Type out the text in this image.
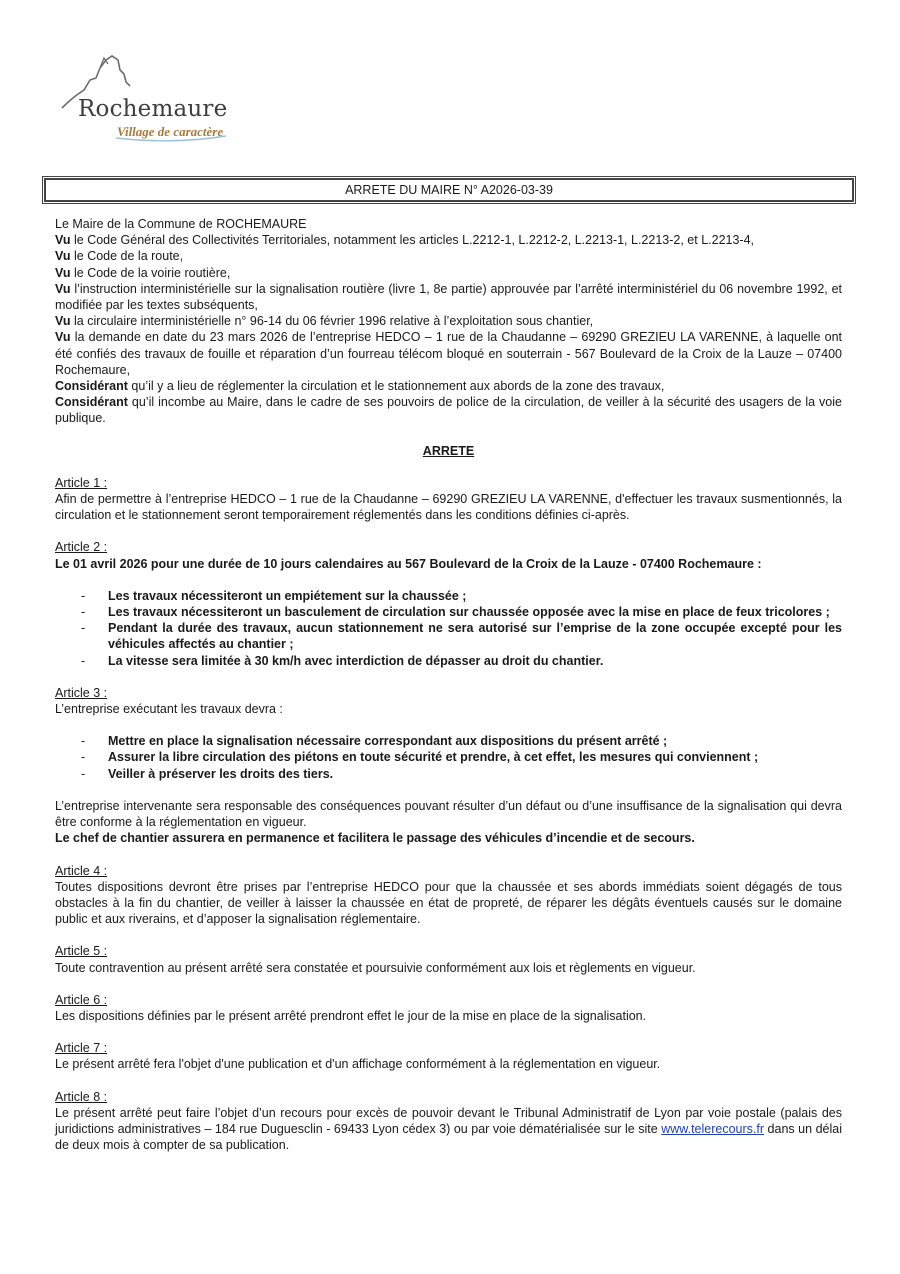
Rochemaure
Village de caractère
ARRETE DU MAIRE N° A2026-03-39

Le Maire de la Commune de ROCHEMAURE

Vu le Code Général des Collectivités Territoriales, notamment les articles L.2212-1, L.2212-2, L.2213-1, L.2213-2, et L.2213-4,

Vu le Code de la route,

Vu le Code de la voirie routière,

Vu l’instruction interministérielle sur la signalisation routière (livre 1, 8e partie) approuvée par l’arrêté interministériel du 06 novembre 1992, et modifiée par les textes subséquents,

Vu la circulaire interministérielle n° 96-14 du 06 février 1996 relative à l’exploitation sous chantier,

Vu la demande en date du 23 mars 2026 de l’entreprise HEDCO – 1 rue de la Chaudanne – 69290 GREZIEU LA VARENNE, à laquelle ont été confiés des travaux de fouille et réparation d’un fourreau télécom bloqué en souterrain - 567 Boulevard de la Croix de la Lauze – 07400 Rochemaure,

Considérant qu’il y a lieu de réglementer la circulation et le stationnement aux abords de la zone des travaux,

Considérant qu’il incombe au Maire, dans le cadre de ses pouvoirs de police de la circulation, de veiller à la sécurité des usagers de la voie publique.

ARRETE

Article 1 :

Afin de permettre à l’entreprise HEDCO – 1 rue de la Chaudanne – 69290 GREZIEU LA VARENNE, d'effectuer les travaux susmentionnés, la circulation et le stationnement seront temporairement réglementés dans les conditions définies ci-après.

Article 2 :

Le 01 avril 2026 pour une durée de 10 jours calendaires au 567 Boulevard de la Croix de la Lauze - 07400 Rochemaure :

- Les travaux nécessiteront un empiétement sur la chaussée ;
- Les travaux nécessiteront un basculement de circulation sur chaussée opposée avec la mise en place de feux tricolores ;
- Pendant la durée des travaux, aucun stationnement ne sera autorisé sur l’emprise de la zone occupée excepté pour les véhicules affectés au chantier ;
- La vitesse sera limitée à 30 km/h avec interdiction de dépasser au droit du chantier.

Article 3 :

L’entreprise exécutant les travaux devra :

- Mettre en place la signalisation nécessaire correspondant aux dispositions du présent arrêté ;
- Assurer la libre circulation des piétons en toute sécurité et prendre, à cet effet, les mesures qui conviennent ;
- Veiller à préserver les droits des tiers.

L’entreprise intervenante sera responsable des conséquences pouvant résulter d’un défaut ou d’une insuffisance de la signalisation qui devra être conforme à la réglementation en vigueur.

Le chef de chantier assurera en permanence et facilitera le passage des véhicules d’incendie et de secours.

Article 4 :

Toutes dispositions devront être prises par l’entreprise HEDCO pour que la chaussée et ses abords immédiats soient dégagés de tous obstacles à la fin du chantier, de veiller à laisser la chaussée en état de propreté, de réparer les dégâts éventuels causés sur le domaine public et aux riverains, et d’apposer la signalisation réglementaire.

Article 5 :

Toute contravention au présent arrêté sera constatée et poursuivie conformément aux lois et règlements en vigueur.

Article 6 :

Les dispositions définies par le présent arrêté prendront effet le jour de la mise en place de la signalisation.

Article 7 :

Le présent arrêté fera l'objet d'une publication et d'un affichage conformément à la réglementation en vigueur.

Article 8 :

Le présent arrêté peut faire l’objet d’un recours pour excès de pouvoir devant le Tribunal Administratif de Lyon par voie postale (palais des juridictions administratives – 184 rue Duguesclin - 69433 Lyon cédex 3) ou par voie dématérialisée sur le site www.telerecours.fr dans un délai de deux mois à compter de sa publication.
